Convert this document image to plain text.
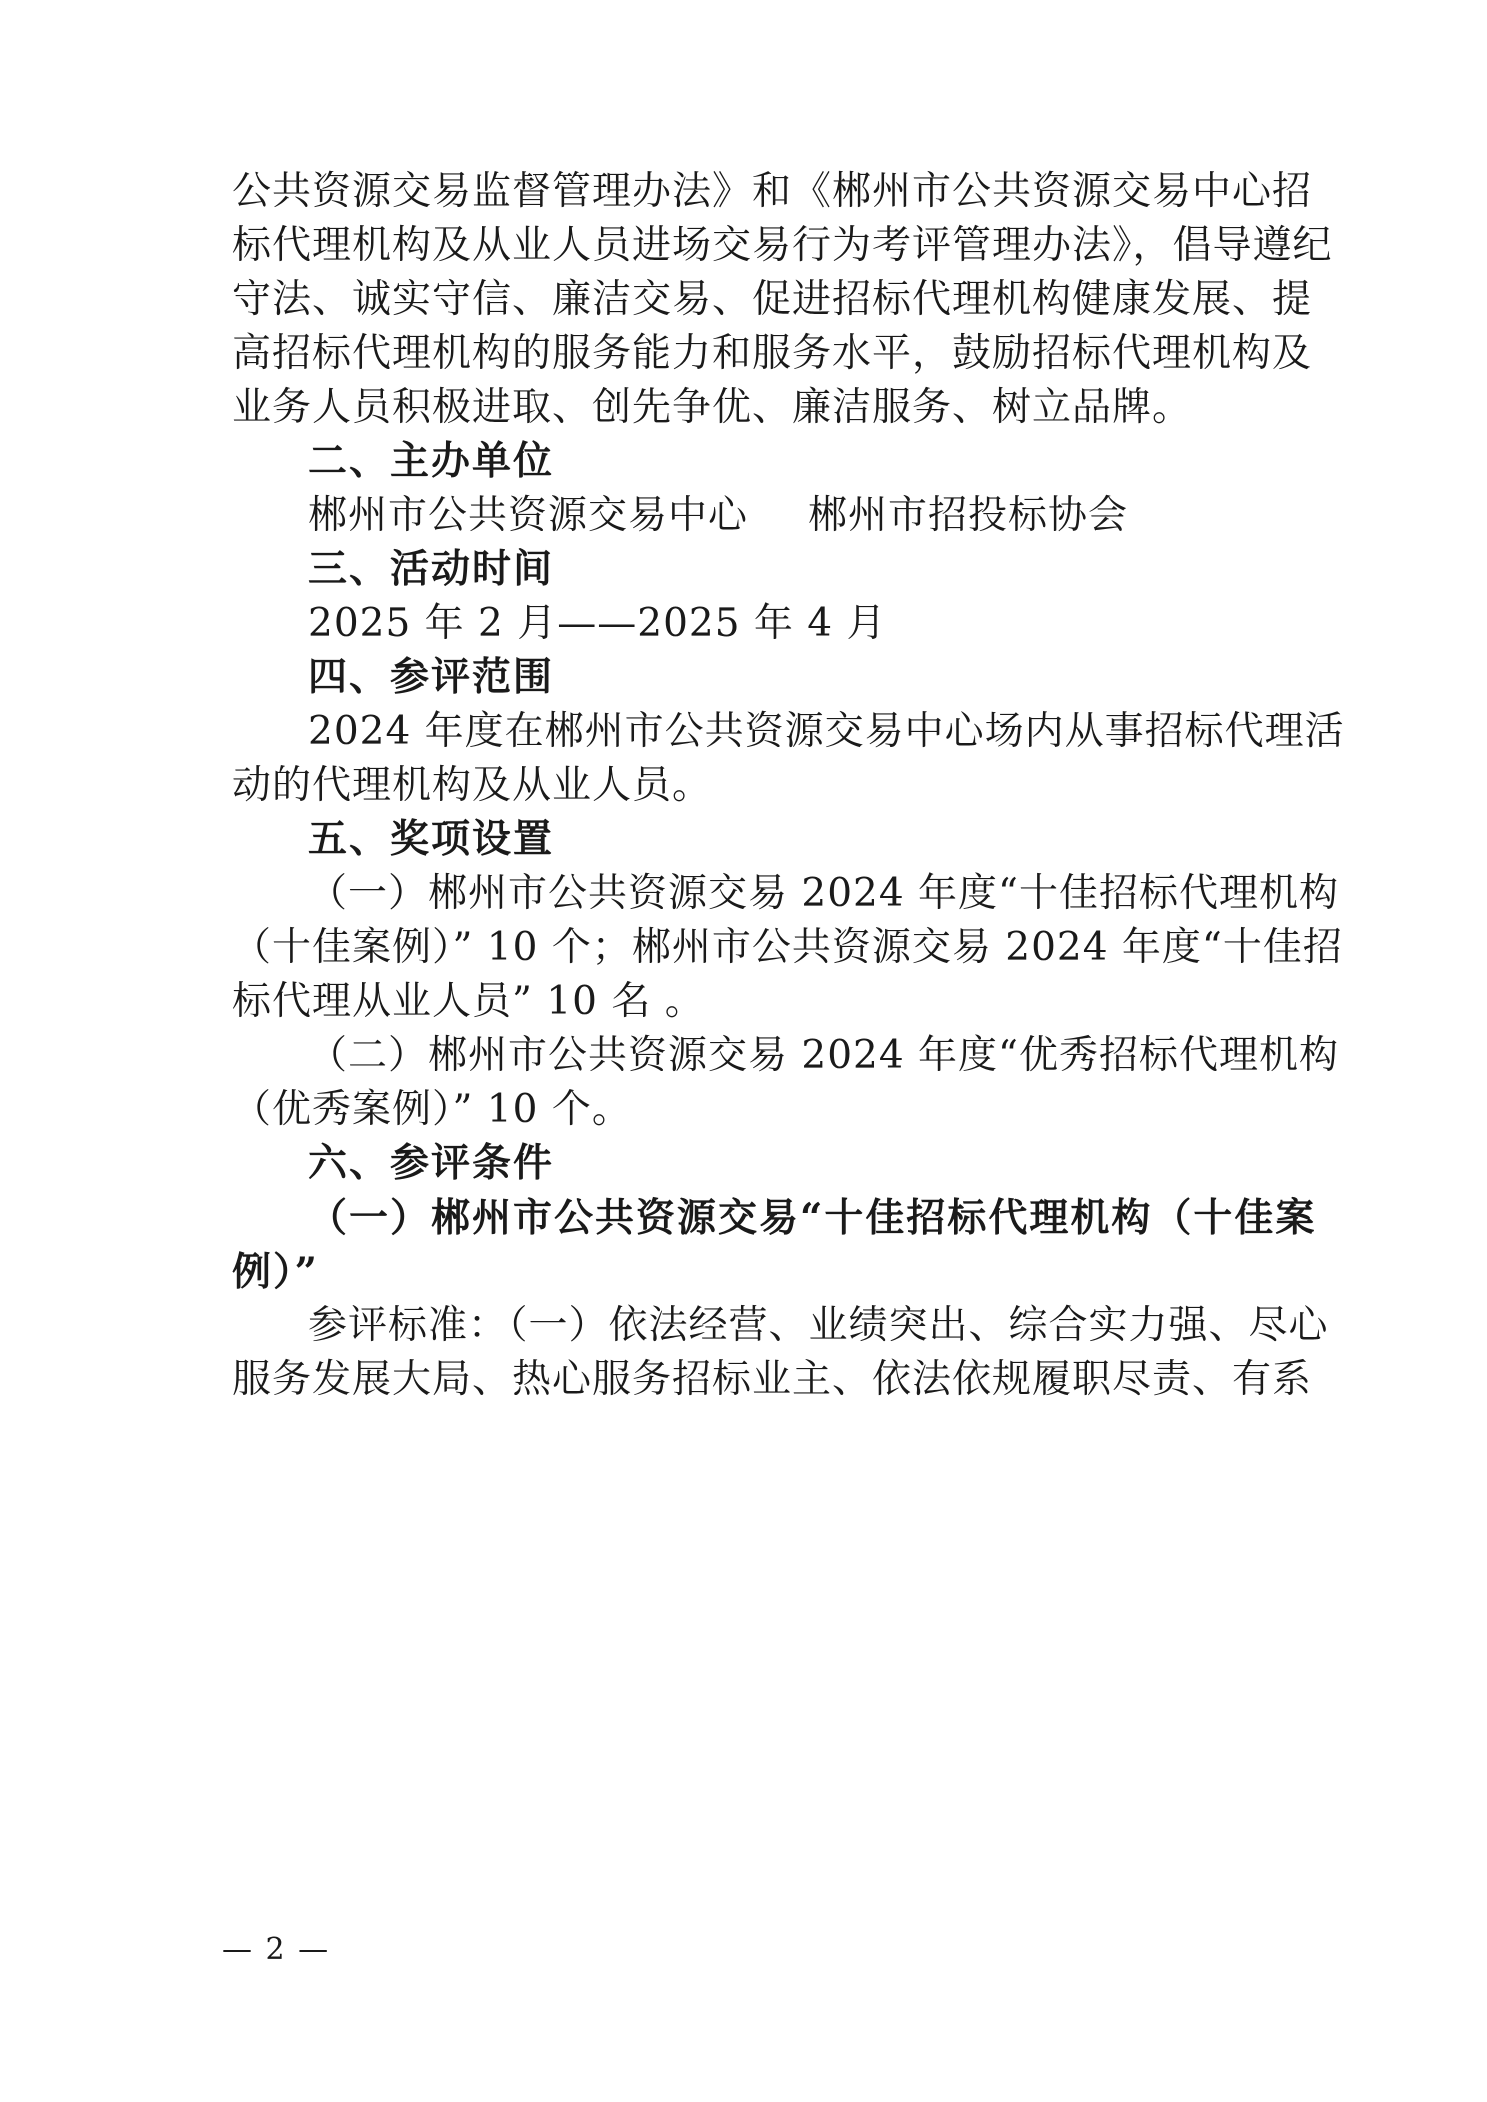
公共资源交易监督管理办法》和《郴州市公共资源交易中心招
标代理机构及从业人员进场交易行为考评管理办法》，倡导遵纪
守法、诚实守信、廉洁交易、促进招标代理机构健康发展、提
高招标代理机构的服务能力和服务水平，鼓励招标代理机构及
业务人员积极进取、创先争优、廉洁服务、树立品牌。
二、主办单位
郴州市公共资源交易中心 郴州市招投标协会
三、活动时间
2025 年 2 月——2025 年 4 月
四、参评范围
2024 年度在郴州市公共资源交易中心场内从事招标代理活
动的代理机构及从业人员。
五、奖项设置
（一）郴州市公共资源交易 2024 年度“十佳招标代理机构
（十佳案例）” 10 个；郴州市公共资源交易 2024 年度“十佳招
标代理从业人员” 10 名 。
（二）郴州市公共资源交易 2024 年度“优秀招标代理机构
（优秀案例）” 10 个。
六、参评条件
（一）郴州市公共资源交易“十佳招标代理机构（十佳案
例）”
参评标准：（一）依法经营、业绩突出、综合实力强、尽心
服务发展大局、热心服务招标业主、依法依规履职尽责、有系
— 2 —
